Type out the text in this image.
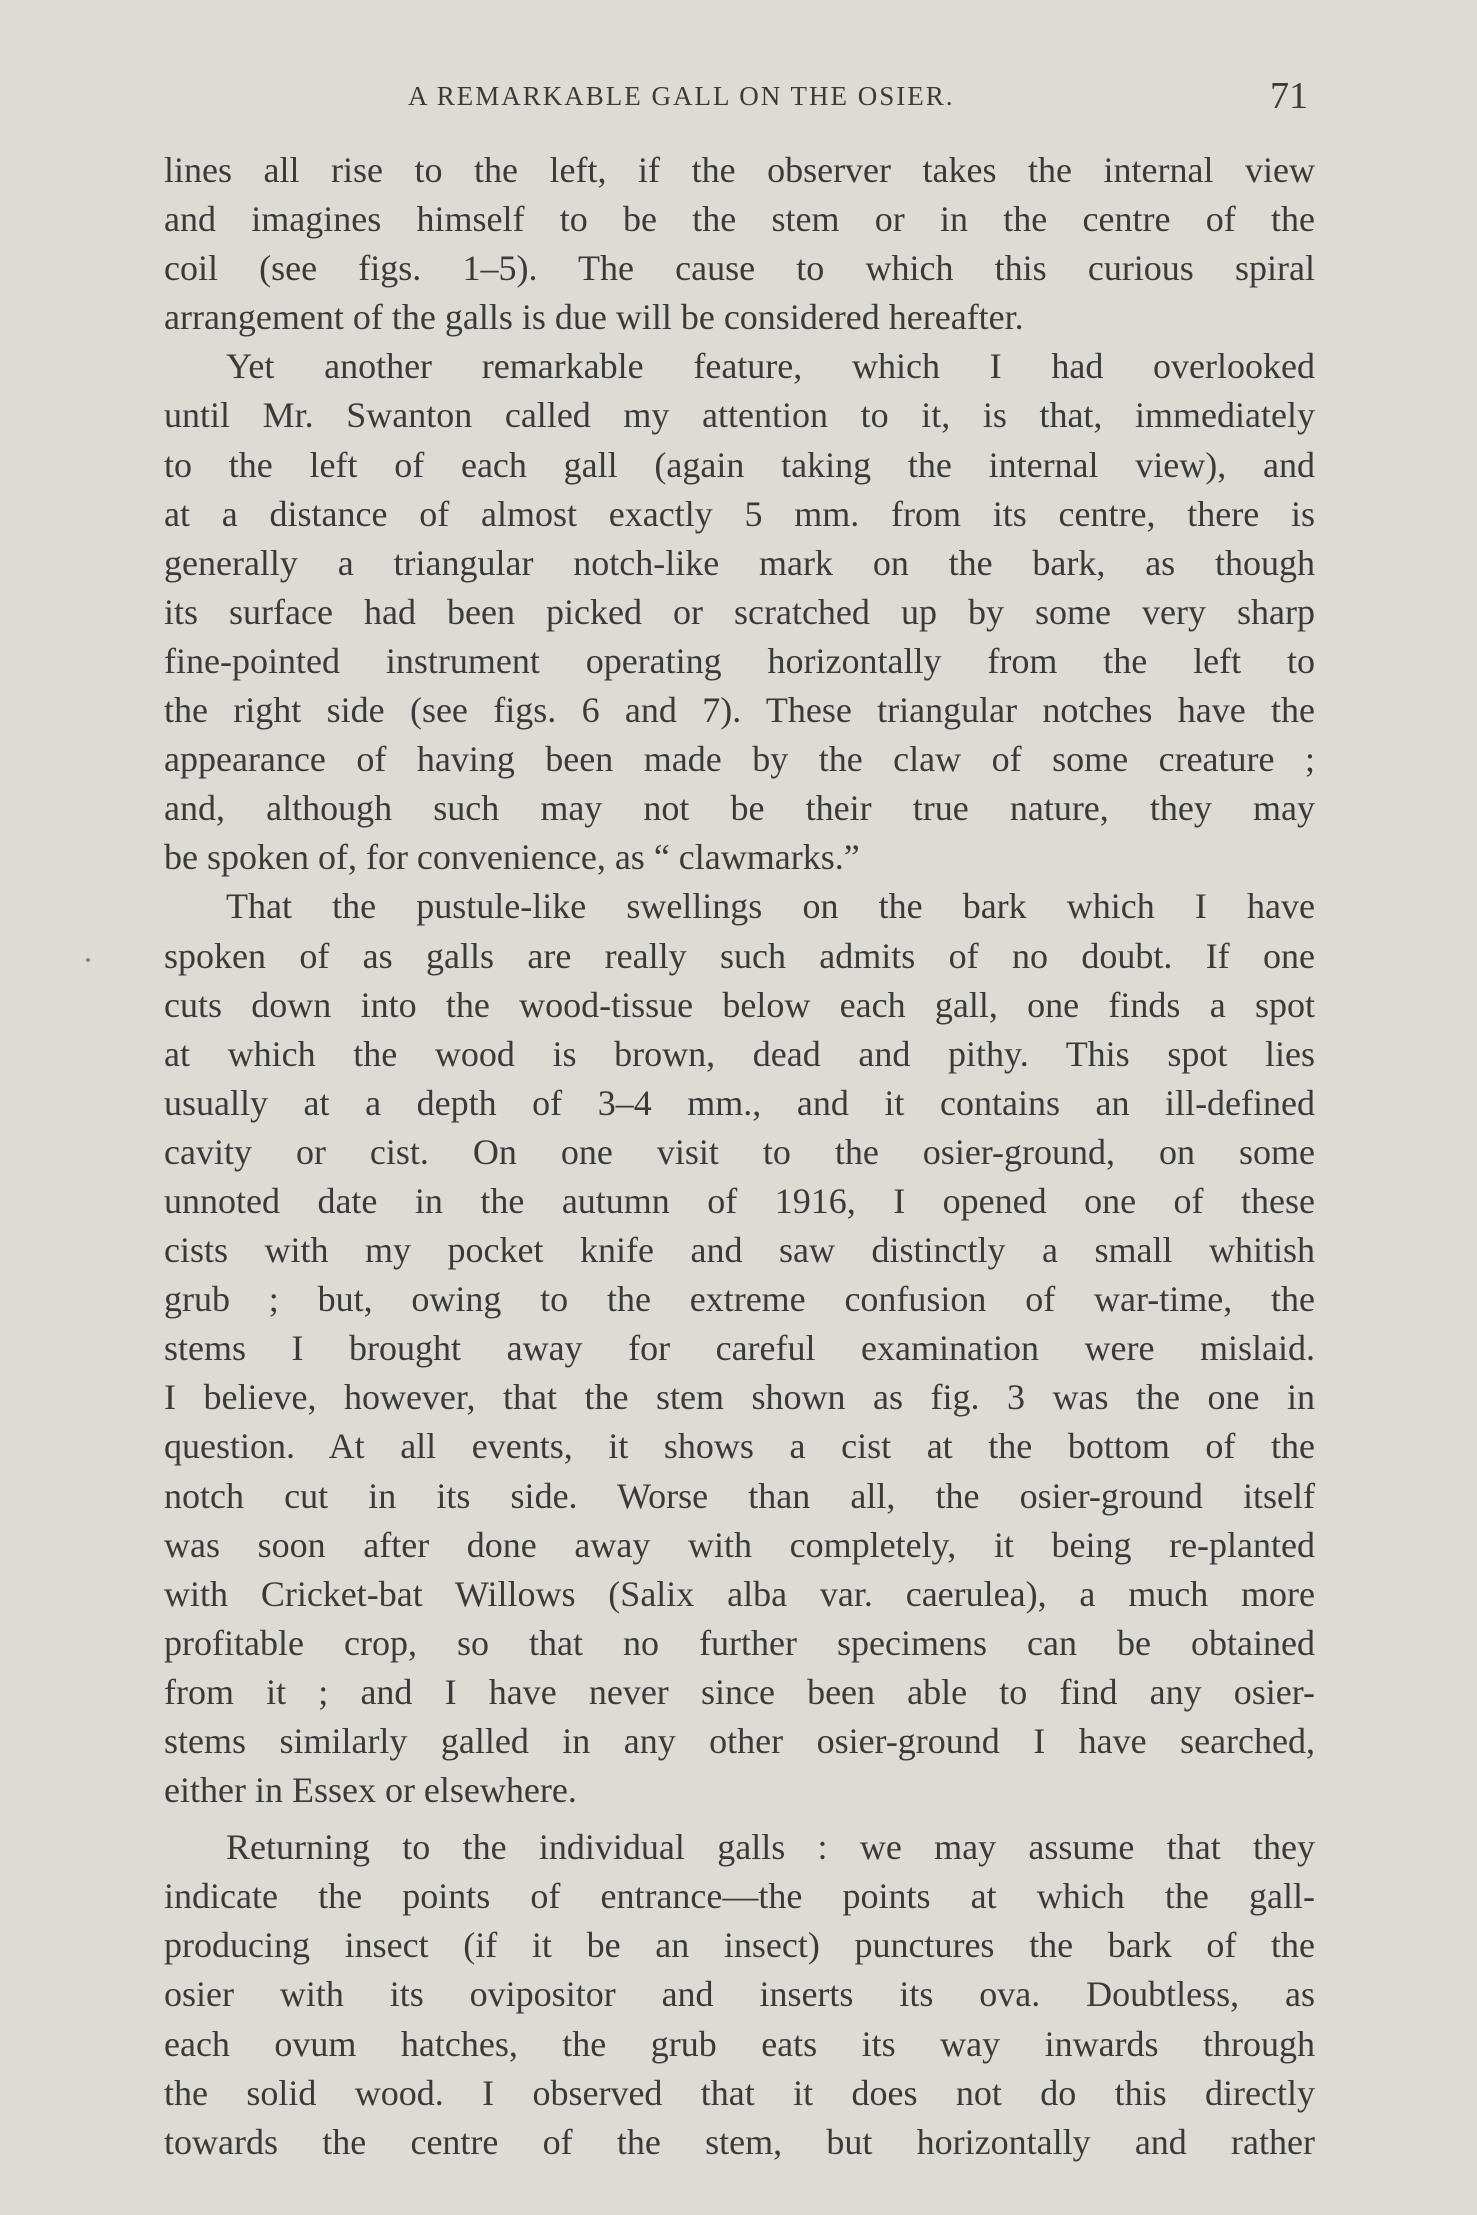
A REMARKABLE GALL ON THE OSIER.	71

lines all rise to the left, if the observer takes the internal view
and imagines himself to be the stem or in the centre of the
coil (see figs. 1–5). The cause to which this curious spiral
arrangement of the galls is due will be considered hereafter.

Yet another remarkable feature, which I had overlooked
until Mr. Swanton called my attention to it, is that, immediately
to the left of each gall (again taking the internal view), and
at a distance of almost exactly 5 mm. from its centre, there is
generally a triangular notch-like mark on the bark, as though
its surface had been picked or scratched up by some very sharp
fine-pointed instrument operating horizontally from the left to
the right side (see figs. 6 and 7). These triangular notches have the
appearance of having been made by the claw of some creature ;
and, although such may not be their true nature, they may
be spoken of, for convenience, as “ clawmarks.”

That the pustule-like swellings on the bark which I have
spoken of as galls are really such admits of no doubt. If one
cuts down into the wood-tissue below each gall, one finds a spot
at which the wood is brown, dead and pithy. This spot lies
usually at a depth of 3–4 mm., and it contains an ill-defined
cavity or cist. On one visit to the osier-ground, on some
unnoted date in the autumn of 1916, I opened one of these
cists with my pocket knife and saw distinctly a small whitish
grub ; but, owing to the extreme confusion of war-time, the
stems I brought away for careful examination were mislaid.
I believe, however, that the stem shown as fig. 3 was the one in
question. At all events, it shows a cist at the bottom of the
notch cut in its side. Worse than all, the osier-ground itself
was soon after done away with completely, it being re-planted
with Cricket-bat Willows (Salix alba var. caerulea), a much more
profitable crop, so that no further specimens can be obtained
from it ; and I have never since been able to find any osier-
stems similarly galled in any other osier-ground I have searched,
either in Essex or elsewhere.

Returning to the individual galls : we may assume that they
indicate the points of entrance—the points at which the gall-
producing insect (if it be an insect) punctures the bark of the
osier with its ovipositor and inserts its ova. Doubtless, as
each ovum hatches, the grub eats its way inwards through
the solid wood. I observed that it does not do this directly
towards the centre of the stem, but horizontally and rather
